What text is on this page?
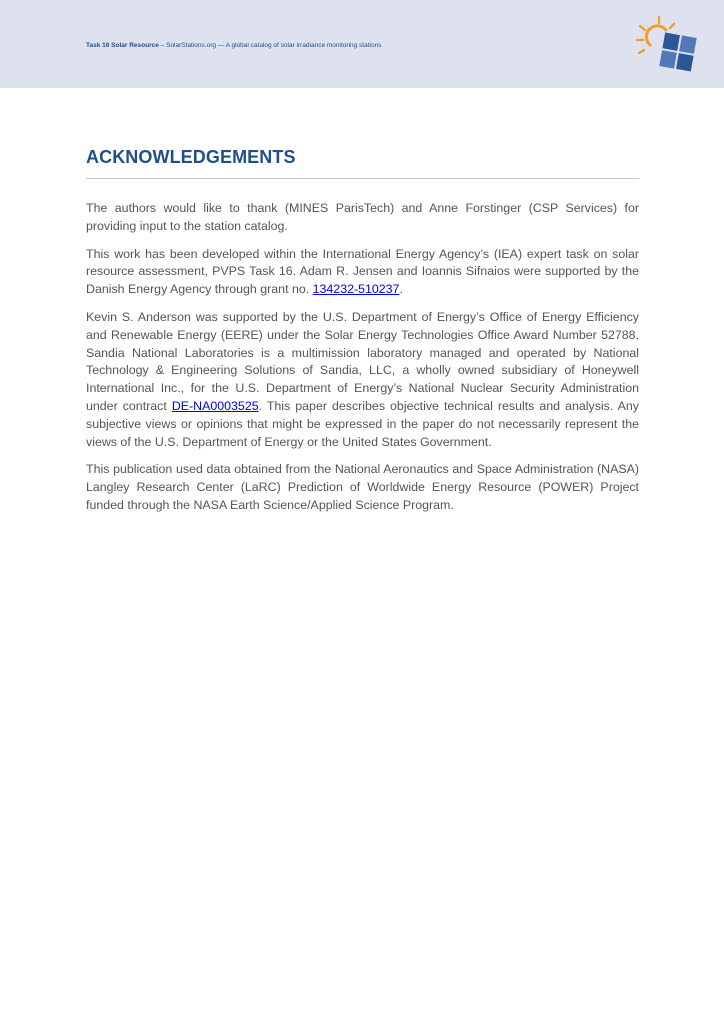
Task 16 Solar Resource – SolarStations.org — A global catalog of solar irradiance monitoring stations
ACKNOWLEDGEMENTS

The authors would like to thank (MINES ParisTech) and Anne Forstinger (CSP Services) for providing input to the station catalog.

This work has been developed within the International Energy Agency’s (IEA) expert task on solar resource assessment, PVPS Task 16. Adam R. Jensen and Ioannis Sifnaios were supported by the Danish Energy Agency through grant no. 134232-510237.

Kevin S. Anderson was supported by the U.S. Department of Energy’s Office of Energy Efficiency and Renewable Energy (EERE) under the Solar Energy Technologies Office Award Number 52788. Sandia National Laboratories is a multimission laboratory managed and operated by National Technology & Engineering Solutions of Sandia, LLC, a wholly owned subsidiary of Honeywell International Inc., for the U.S. Department of Energy’s National Nuclear Security Administration under contract DE-NA0003525. This paper describes objective technical results and analysis. Any subjective views or opinions that might be expressed in the paper do not necessarily represent the views of the U.S. Department of Energy or the United States Government.

This publication used data obtained from the National Aeronautics and Space Administration (NASA) Langley Research Center (LaRC) Prediction of Worldwide Energy Resource (POWER) Project funded through the NASA Earth Science/Applied Science Program.
